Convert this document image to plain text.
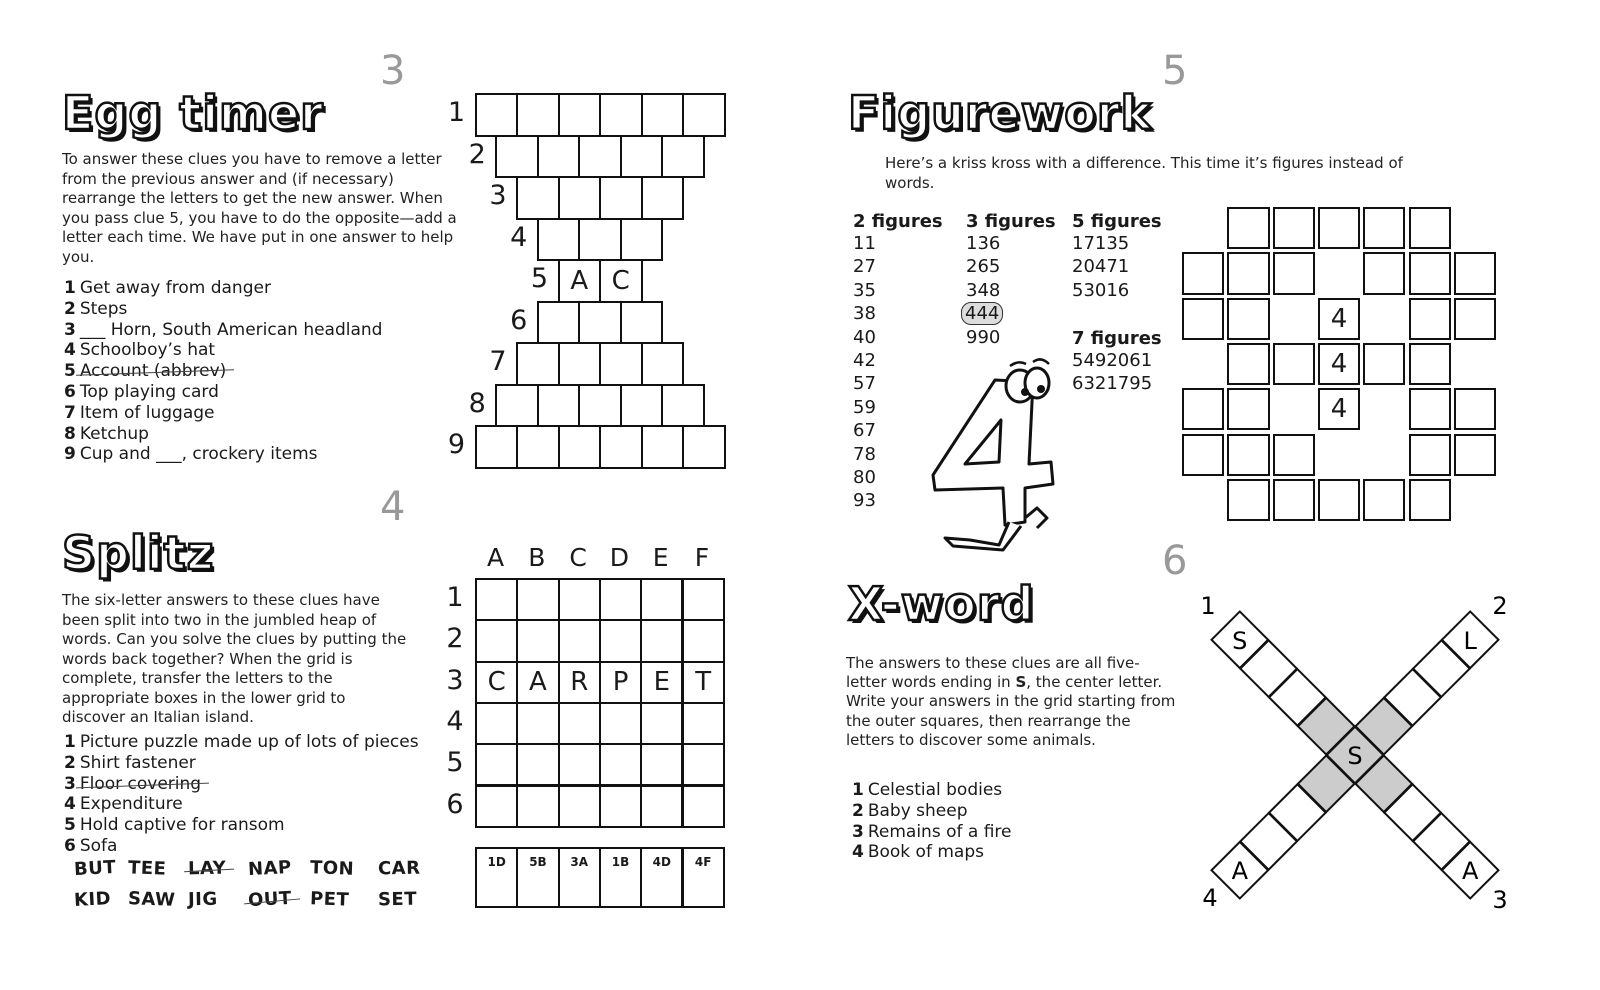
3
Egg timer
To answer these clues you have to remove a letter from the previous answer and (if necessary) rearrange the letters to get the new answer. When you pass clue 5, you have to do the opposite—add a letter each time. We have put in one answer to help you.
1 Get away from danger
2 Steps
3 ___ Horn, South American headland
4 Schoolboy’s hat
5 Account (abbrev)
6 Top playing card
7 Item of luggage
8 Ketchup
9 Cup and ___, crockery items
1
2
3
4
5 A C
6
7
8
9
4
Splitz
The six-letter answers to these clues have been split into two in the jumbled heap of words. Can you solve the clues by putting the words back together? When the grid is complete, transfer the letters to the appropriate boxes in the lower grid to discover an Italian island.
1 Picture puzzle made up of lots of pieces
2 Shirt fastener
3 Floor covering
4 Expenditure
5 Hold captive for ransom
6 Sofa
BUT TEE LAY NAP TON CAR
KID SAW JIG OUT PET SET
A B C D E	F
1
2
3 C A R P E T
4
5
6
1D	5B	3A	1B	4D	4F
5
Figurework
Here’s a kriss kross with a difference. This time it’s figures instead of words.
2 figures
11
27
35
38
40
42
57
59
67
78
80
93
3 figures
136
265
348
444
990
5 figures
17135
20471
53016
7 figures
5492061
6321795
4
4
4
6
X-word
The answers to these clues are all five-letter words ending in S, the center letter. Write your answers in the grid starting from the outer squares, then rearrange the letters to discover some animals.
1 Celestial bodies
2 Baby sheep
3 Remains of a fire
4 Book of maps
S
A
A
L
S
1	2
3
4
